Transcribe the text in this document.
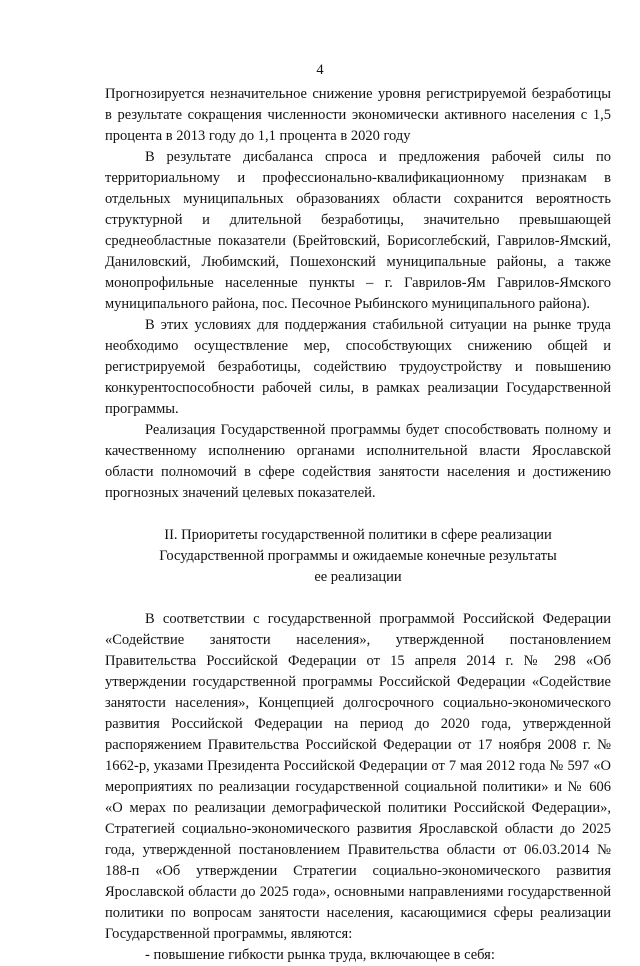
4

Прогнозируется незначительное снижение уровня регистрируемой безработицы в результате сокращения численности экономически активного населения с 1,5 процента в 2013 году до 1,1 процента в 2020 году

В результате дисбаланса спроса и предложения рабочей силы по территориальному и профессионально-квалификационному признакам в отдельных муниципальных образованиях области сохранится вероятность структурной и длительной безработицы, значительно превышающей среднеобластные показатели (Брейтовский, Борисоглебский, Гаврилов-Ямский, Даниловский, Любимский, Пошехонский муниципальные районы, а также монопрофильные населенные пункты – г. Гаврилов-Ям Гаврилов-Ямского муниципального района, пос. Песочное Рыбинского муниципального района).

В этих условиях для поддержания стабильной ситуации на рынке труда необходимо осуществление мер, способствующих снижению общей и регистрируемой безработицы, содействию трудоустройству и повышению конкурентоспособности рабочей силы, в рамках реализации Государственной программы.

Реализация Государственной программы будет способствовать полному и качественному исполнению органами исполнительной власти Ярославской области полномочий в сфере содействия занятости населения и достижению прогнозных значений целевых показателей.

II. Приоритеты государственной политики в сфере реализации
Государственной программы и ожидаемые конечные результаты
ее реализации

В соответствии с государственной программой Российской Федерации «Содействие занятости населения», утвержденной постановлением Правительства Российской Федерации от 15 апреля 2014 г. № 298 «Об утверждении государственной программы Российской Федерации «Содействие занятости населения», Концепцией долгосрочного социально-экономического развития Российской Федерации на период до 2020 года, утвержденной распоряжением Правительства Российской Федерации от 17 ноября 2008 г. № 1662-р, указами Президента Российской Федерации от 7 мая 2012 года № 597 «О мероприятиях по реализации государственной социальной политики» и № 606 «О мерах по реализации демографической политики Российской Федерации», Стратегией социально-экономического развития Ярославской области до 2025 года, утвержденной постановлением Правительства области от 06.03.2014 № 188-п «Об утверждении Стратегии социально-экономического развития Ярославской области до 2025 года», основными направлениями государственной политики по вопросам занятости населения, касающимися сферы реализации Государственной программы, являются:

- повышение гибкости рынка труда, включающее в себя:
